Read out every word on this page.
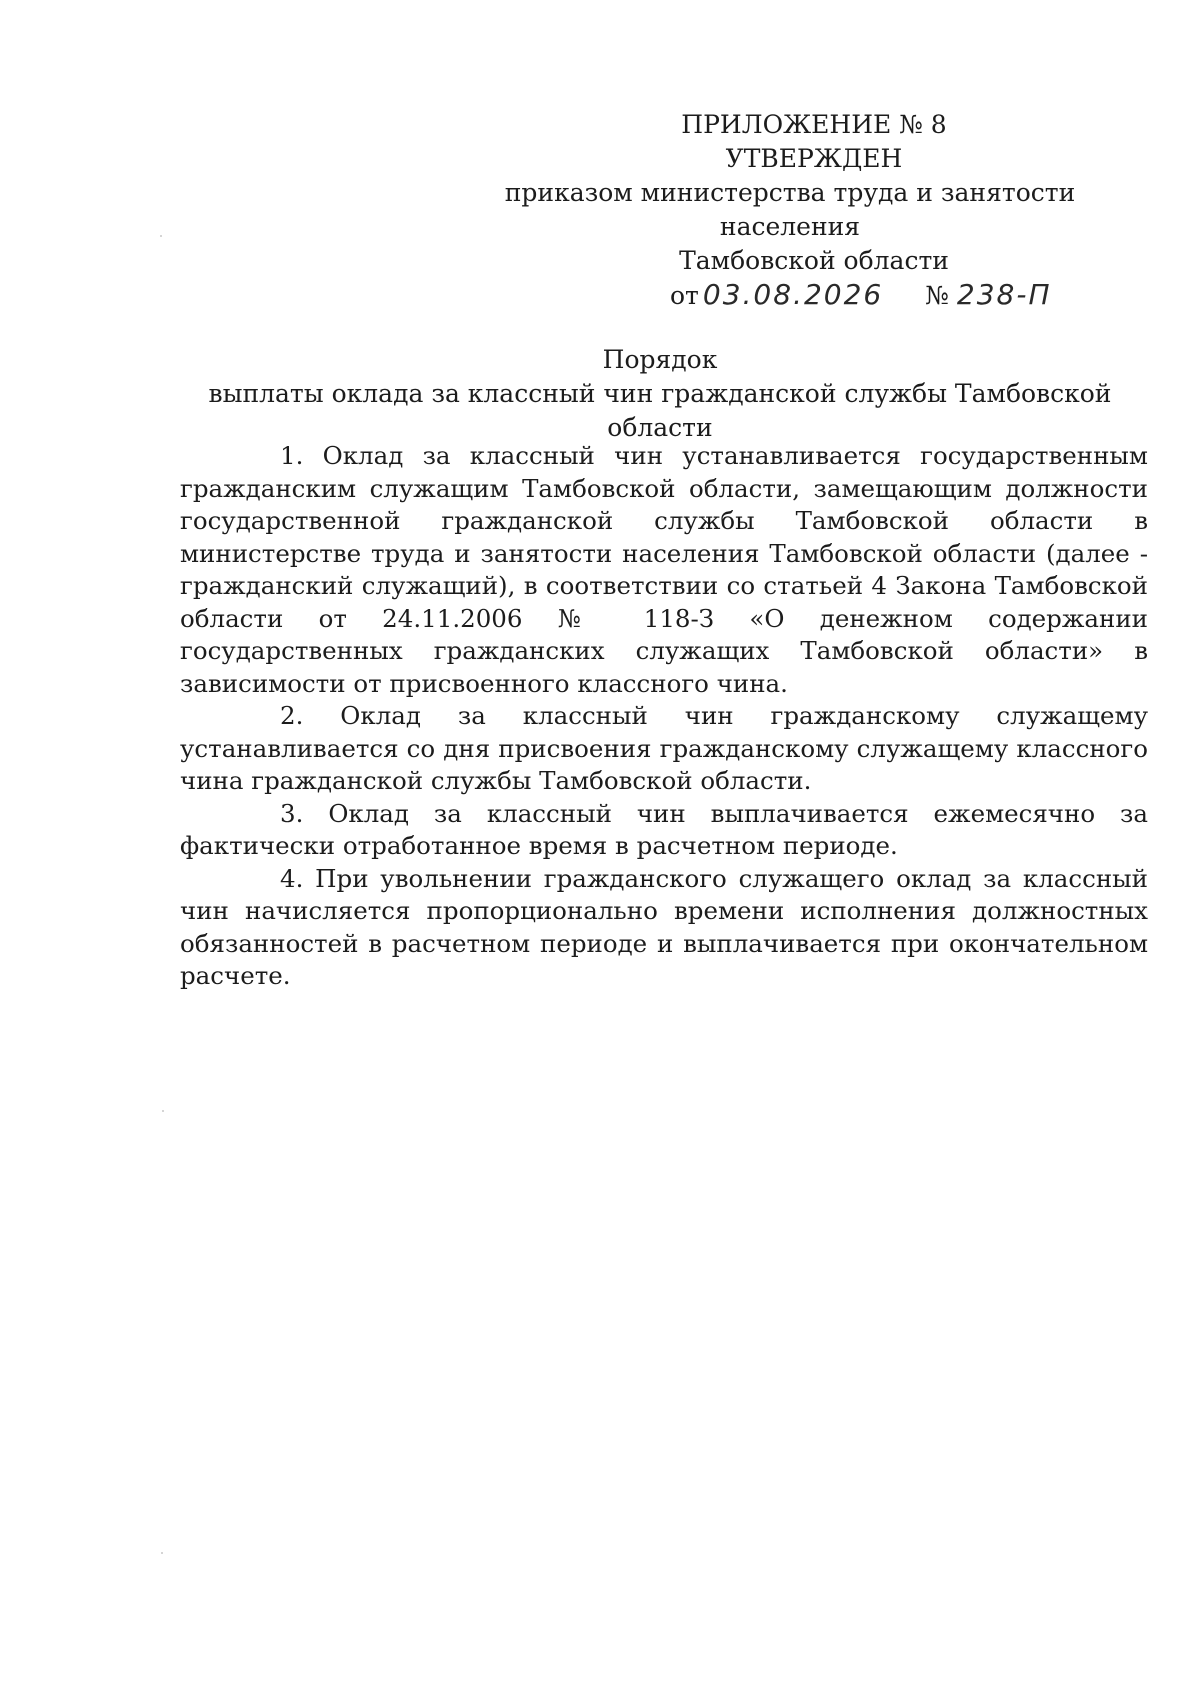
ПРИЛОЖЕНИЕ № 8
УТВЕРЖДЕН
приказом министерства труда и занятости населения
Тамбовской области
от 03.08.2026 № 238-П
Порядок
выплаты оклада за классный чин гражданской службы Тамбовской области

1. Оклад за классный чин устанавливается государственным гражданским служащим Тамбовской области, замещающим должности государственной гражданской службы Тамбовской области в министерстве труда и занятости населения Тамбовской области (далее - гражданский служащий), в соответствии со статьей 4 Закона Тамбовской области от 24.11.2006 № 118-З «О денежном содержании государственных гражданских служащих Тамбовской области» в зависимости от присвоенного классного чина.

2. Оклад за классный чин гражданскому служащему устанавливается со дня присвоения гражданскому служащему классного чина гражданской службы Тамбовской области.

3. Оклад за классный чин выплачивается ежемесячно за фактически отработанное время в расчетном периоде.

4. При увольнении гражданского служащего оклад за классный чин начисляется пропорционально времени исполнения должностных обязанностей в расчетном периоде и выплачивается при окончательном расчете.
